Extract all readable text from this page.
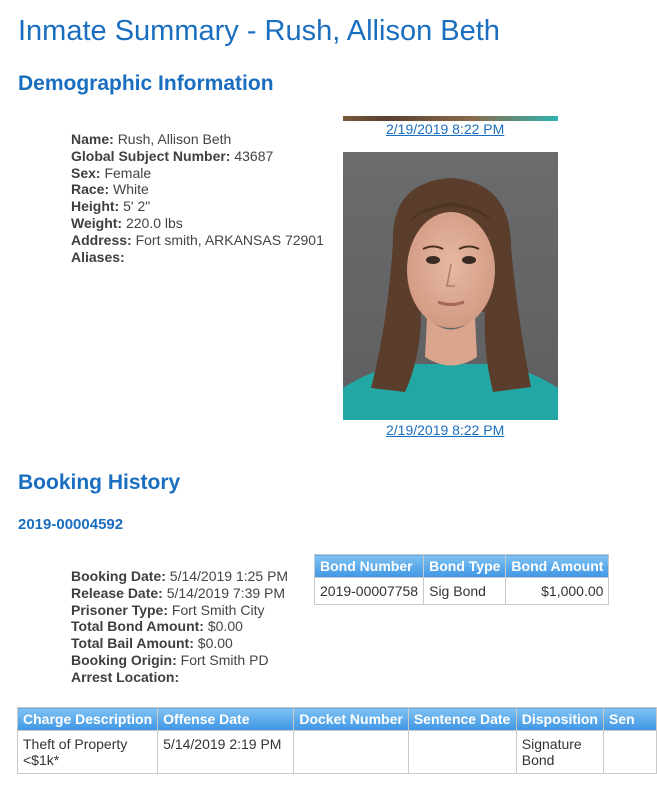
Inmate Summary - Rush, Allison Beth
Demographic Information
Name: Rush, Allison Beth
Global Subject Number: 43687
Sex: Female
Race: White
Height: 5' 2"
Weight: 220.0 lbs
Address: Fort smith, ARKANSAS 72901
Aliases:
2/19/2019 8:22 PM
2/19/2019 8:22 PM
Booking History
2019-00004592
Booking Date: 5/14/2019 1:25 PM
Release Date: 5/14/2019 7:39 PM
Prisoner Type: Fort Smith City
Total Bond Amount: $0.00
Total Bail Amount: $0.00
Booking Origin: Fort Smith PD
Arrest Location:
Bond Number	Bond Type	Bond Amount
2019-00007758	Sig Bond	$1,000.00
Charge Description	Offense Date	Docket Number	Sentence Date	Disposition	Sen
Theft of Property <$1k*	5/14/2019 2:19 PM			Signature Bond	
